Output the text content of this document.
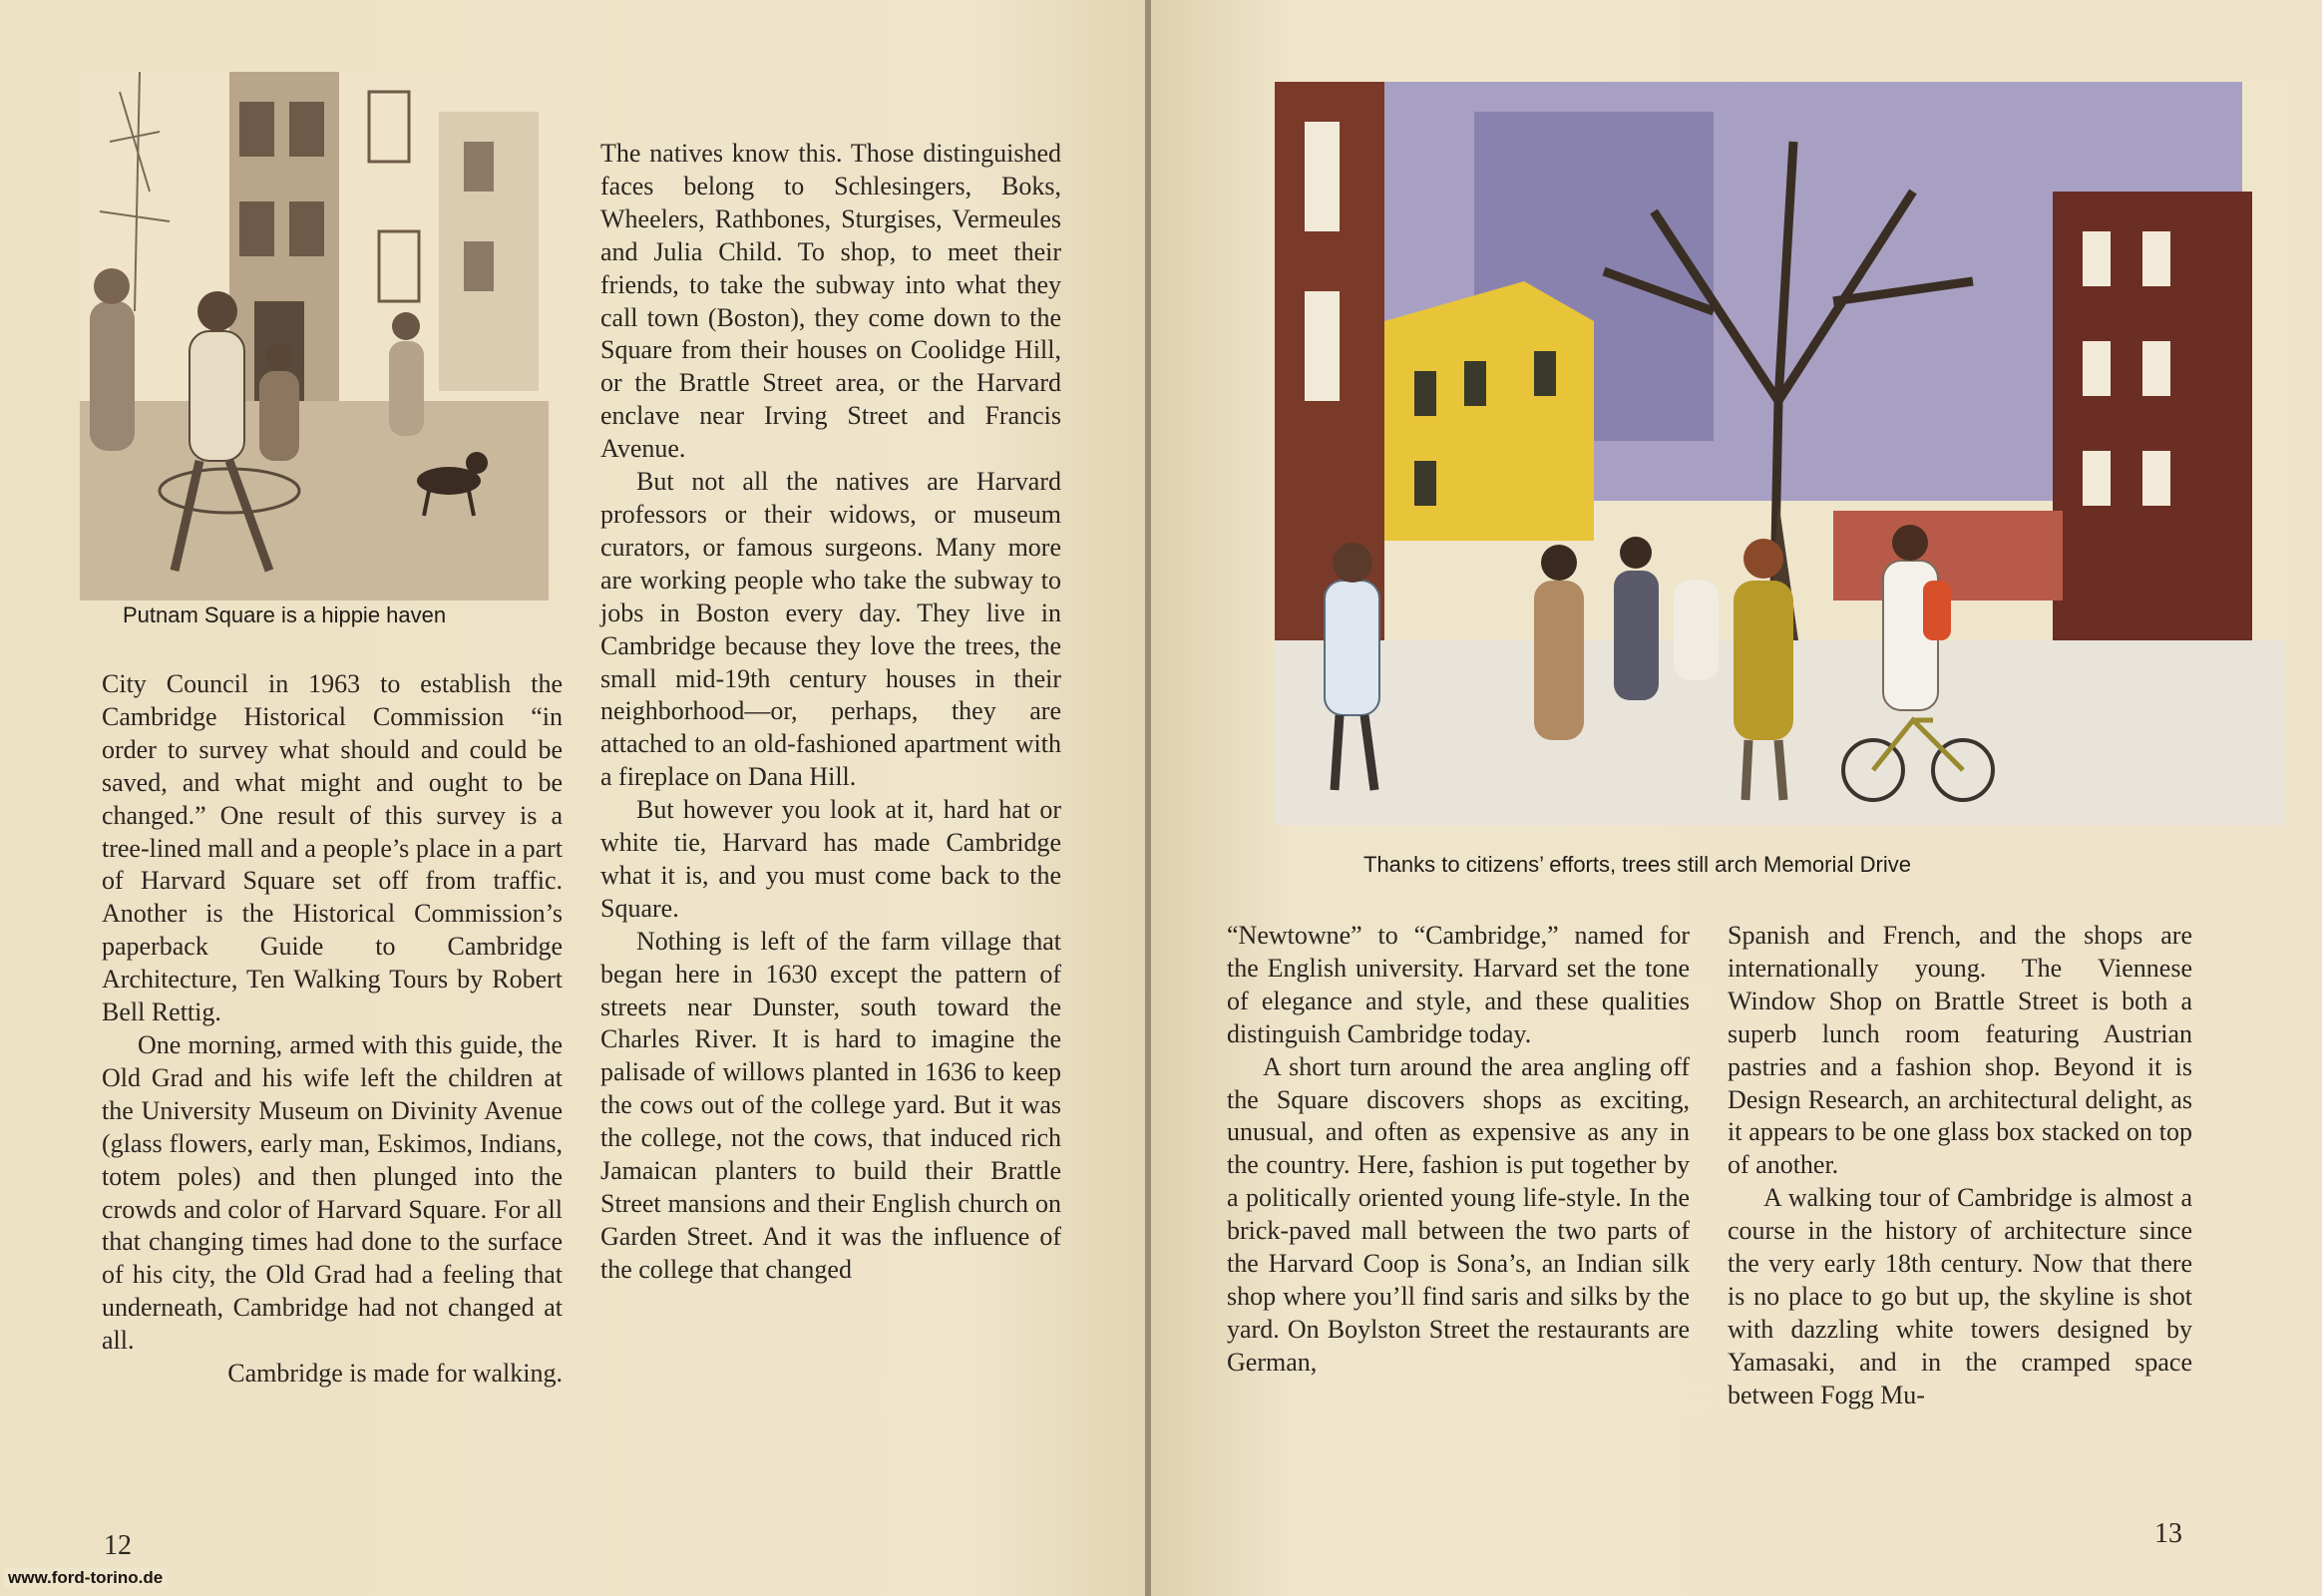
Putnam Square is a hippie haven

City Council in 1963 to establish the Cambridge Historical Commission “in order to survey what should and could be saved, and what might and ought to be changed.” One result of this survey is a tree-lined mall and a people’s place in a part of Harvard Square set off from traffic. Another is the Historical Commission’s paperback Guide to Cambridge Architecture, Ten Walking Tours by Robert Bell Rettig.

One morning, armed with this guide, the Old Grad and his wife left the children at the University Museum on Divinity Avenue (glass flowers, early man, Eskimos, Indians, totem poles) and then plunged into the crowds and color of Harvard Square. For all that changing times had done to the surface of his city, the Old Grad had a feeling that underneath, Cambridge had not changed at all.

Cambridge is made for walking.

The natives know this. Those distinguished faces belong to Schlesingers, Boks, Wheelers, Rathbones, Sturgises, Vermeules and Julia Child. To shop, to meet their friends, to take the subway into what they call town (Boston), they come down to the Square from their houses on Coolidge Hill, or the Brattle Street area, or the Harvard enclave near Irving Street and Francis Avenue.

But not all the natives are Harvard professors or their widows, or museum curators, or famous surgeons. Many more are working people who take the subway to jobs in Boston every day. They live in Cambridge because they love the trees, the small mid-19th century houses in their neighborhood—or, perhaps, they are attached to an old-fashioned apartment with a fireplace on Dana Hill.

But however you look at it, hard hat or white tie, Harvard has made Cambridge what it is, and you must come back to the Square.

Nothing is left of the farm village that began here in 1630 except the pattern of streets near Dunster, south toward the Charles River. It is hard to imagine the palisade of willows planted in 1636 to keep the cows out of the college yard. But it was the college, not the cows, that induced rich Jamaican planters to build their Brattle Street mansions and their English church on Garden Street. And it was the influence of the college that changed

12
Thanks to citizens’ efforts, trees still arch Memorial Drive

“Newtowne” to “Cambridge,” named for the English university. Harvard set the tone of elegance and style, and these qualities distinguish Cambridge today.

A short turn around the area angling off the Square discovers shops as exciting, unusual, and often as expensive as any in the country. Here, fashion is put together by a politically oriented young life-style. In the brick-paved mall between the two parts of the Harvard Coop is Sona’s, an Indian silk shop where you’ll find saris and silks by the yard. On Boylston Street the restaurants are German,

Spanish and French, and the shops are internationally young. The Viennese Window Shop on Brattle Street is both a superb lunch room featuring Austrian pastries and a fashion shop. Beyond it is Design Research, an architectural delight, as it appears to be one glass box stacked on top of another.

A walking tour of Cambridge is almost a course in the history of architecture since the very early 18th century. Now that there is no place to go but up, the skyline is shot with dazzling white towers designed by Yamasaki, and in the cramped space between Fogg Mu-

13
www.ford-torino.de
